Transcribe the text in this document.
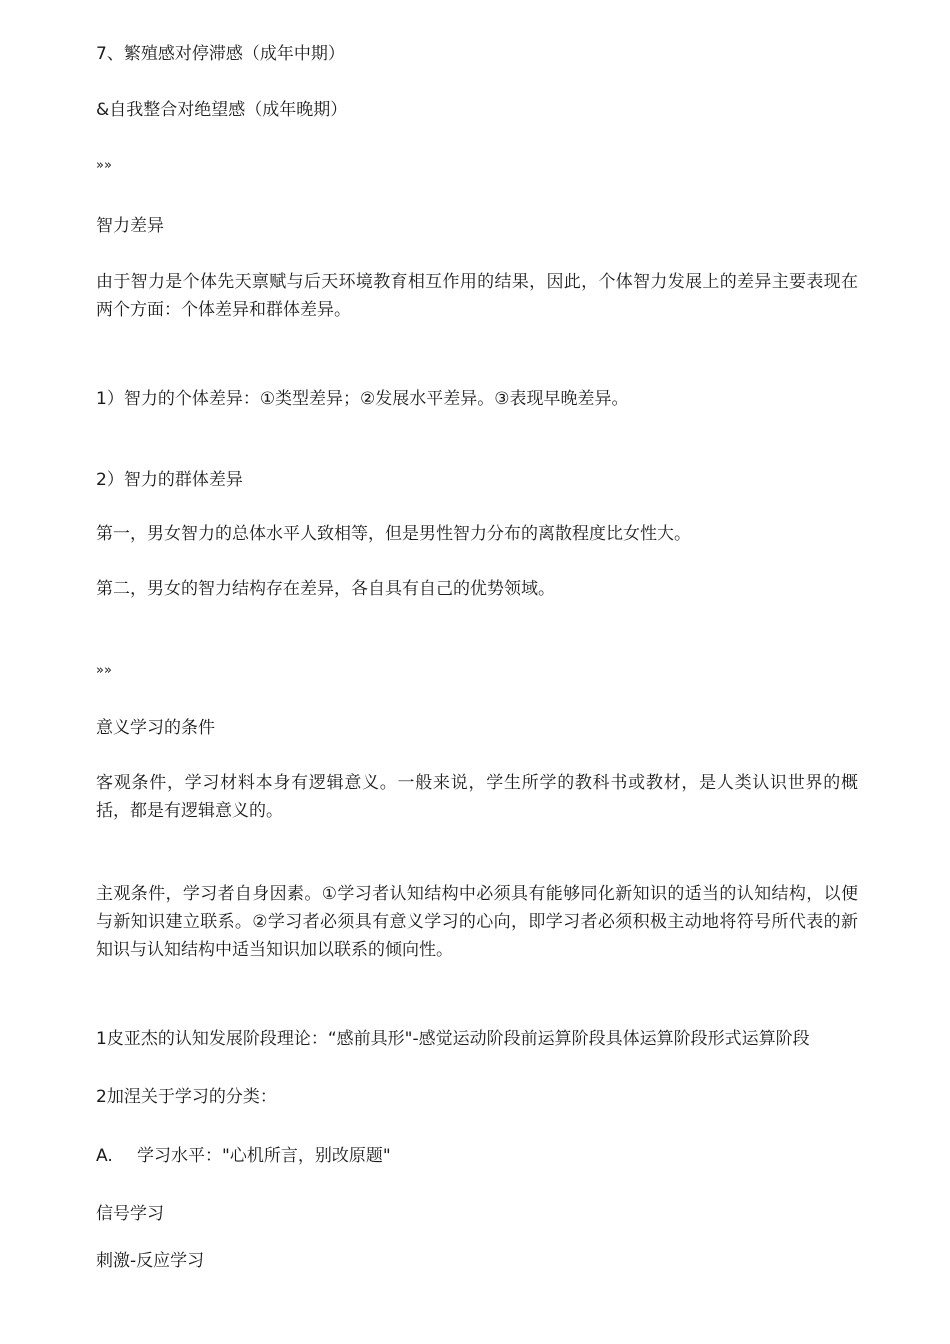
7、繁殖感对停滞感（成年中期）
&自我整合对绝望感（成年晚期）
»»
智力差异
由于智力是个体先天禀赋与后天环境教育相互作用的结果，因此，个体智力发展上的差异主要表现在两个方面：个体差异和群体差异。
1）智力的个体差异：①类型差异；②发展水平差异。③表现早晚差异。
2）智力的群体差异
第一，男女智力的总体水平人致相等，但是男性智力分布的离散程度比女性大。
第二，男女的智力结构存在差异，各自具有自己的优势领域。
»»
意义学习的条件
客观条件，学习材料本身有逻辑意义。一般来说，学生所学的教科书或教材，是人类认识世界的概括，都是有逻辑意义的。
主观条件，学习者自身因素。①学习者认知结构中必须具有能够同化新知识的适当的认知结构，以便与新知识建立联系。②学习者必须具有意义学习的心向，即学习者必须积极主动地将符号所代表的新知识与认知结构中适当知识加以联系的倾向性。
1皮亚杰的认知发展阶段理论：“感前具形"-感觉运动阶段前运算阶段具体运算阶段形式运算阶段
2加涅关于学习的分类：
A. 学习水平："心机所言，别改原题"
信号学习
刺激-反应学习
